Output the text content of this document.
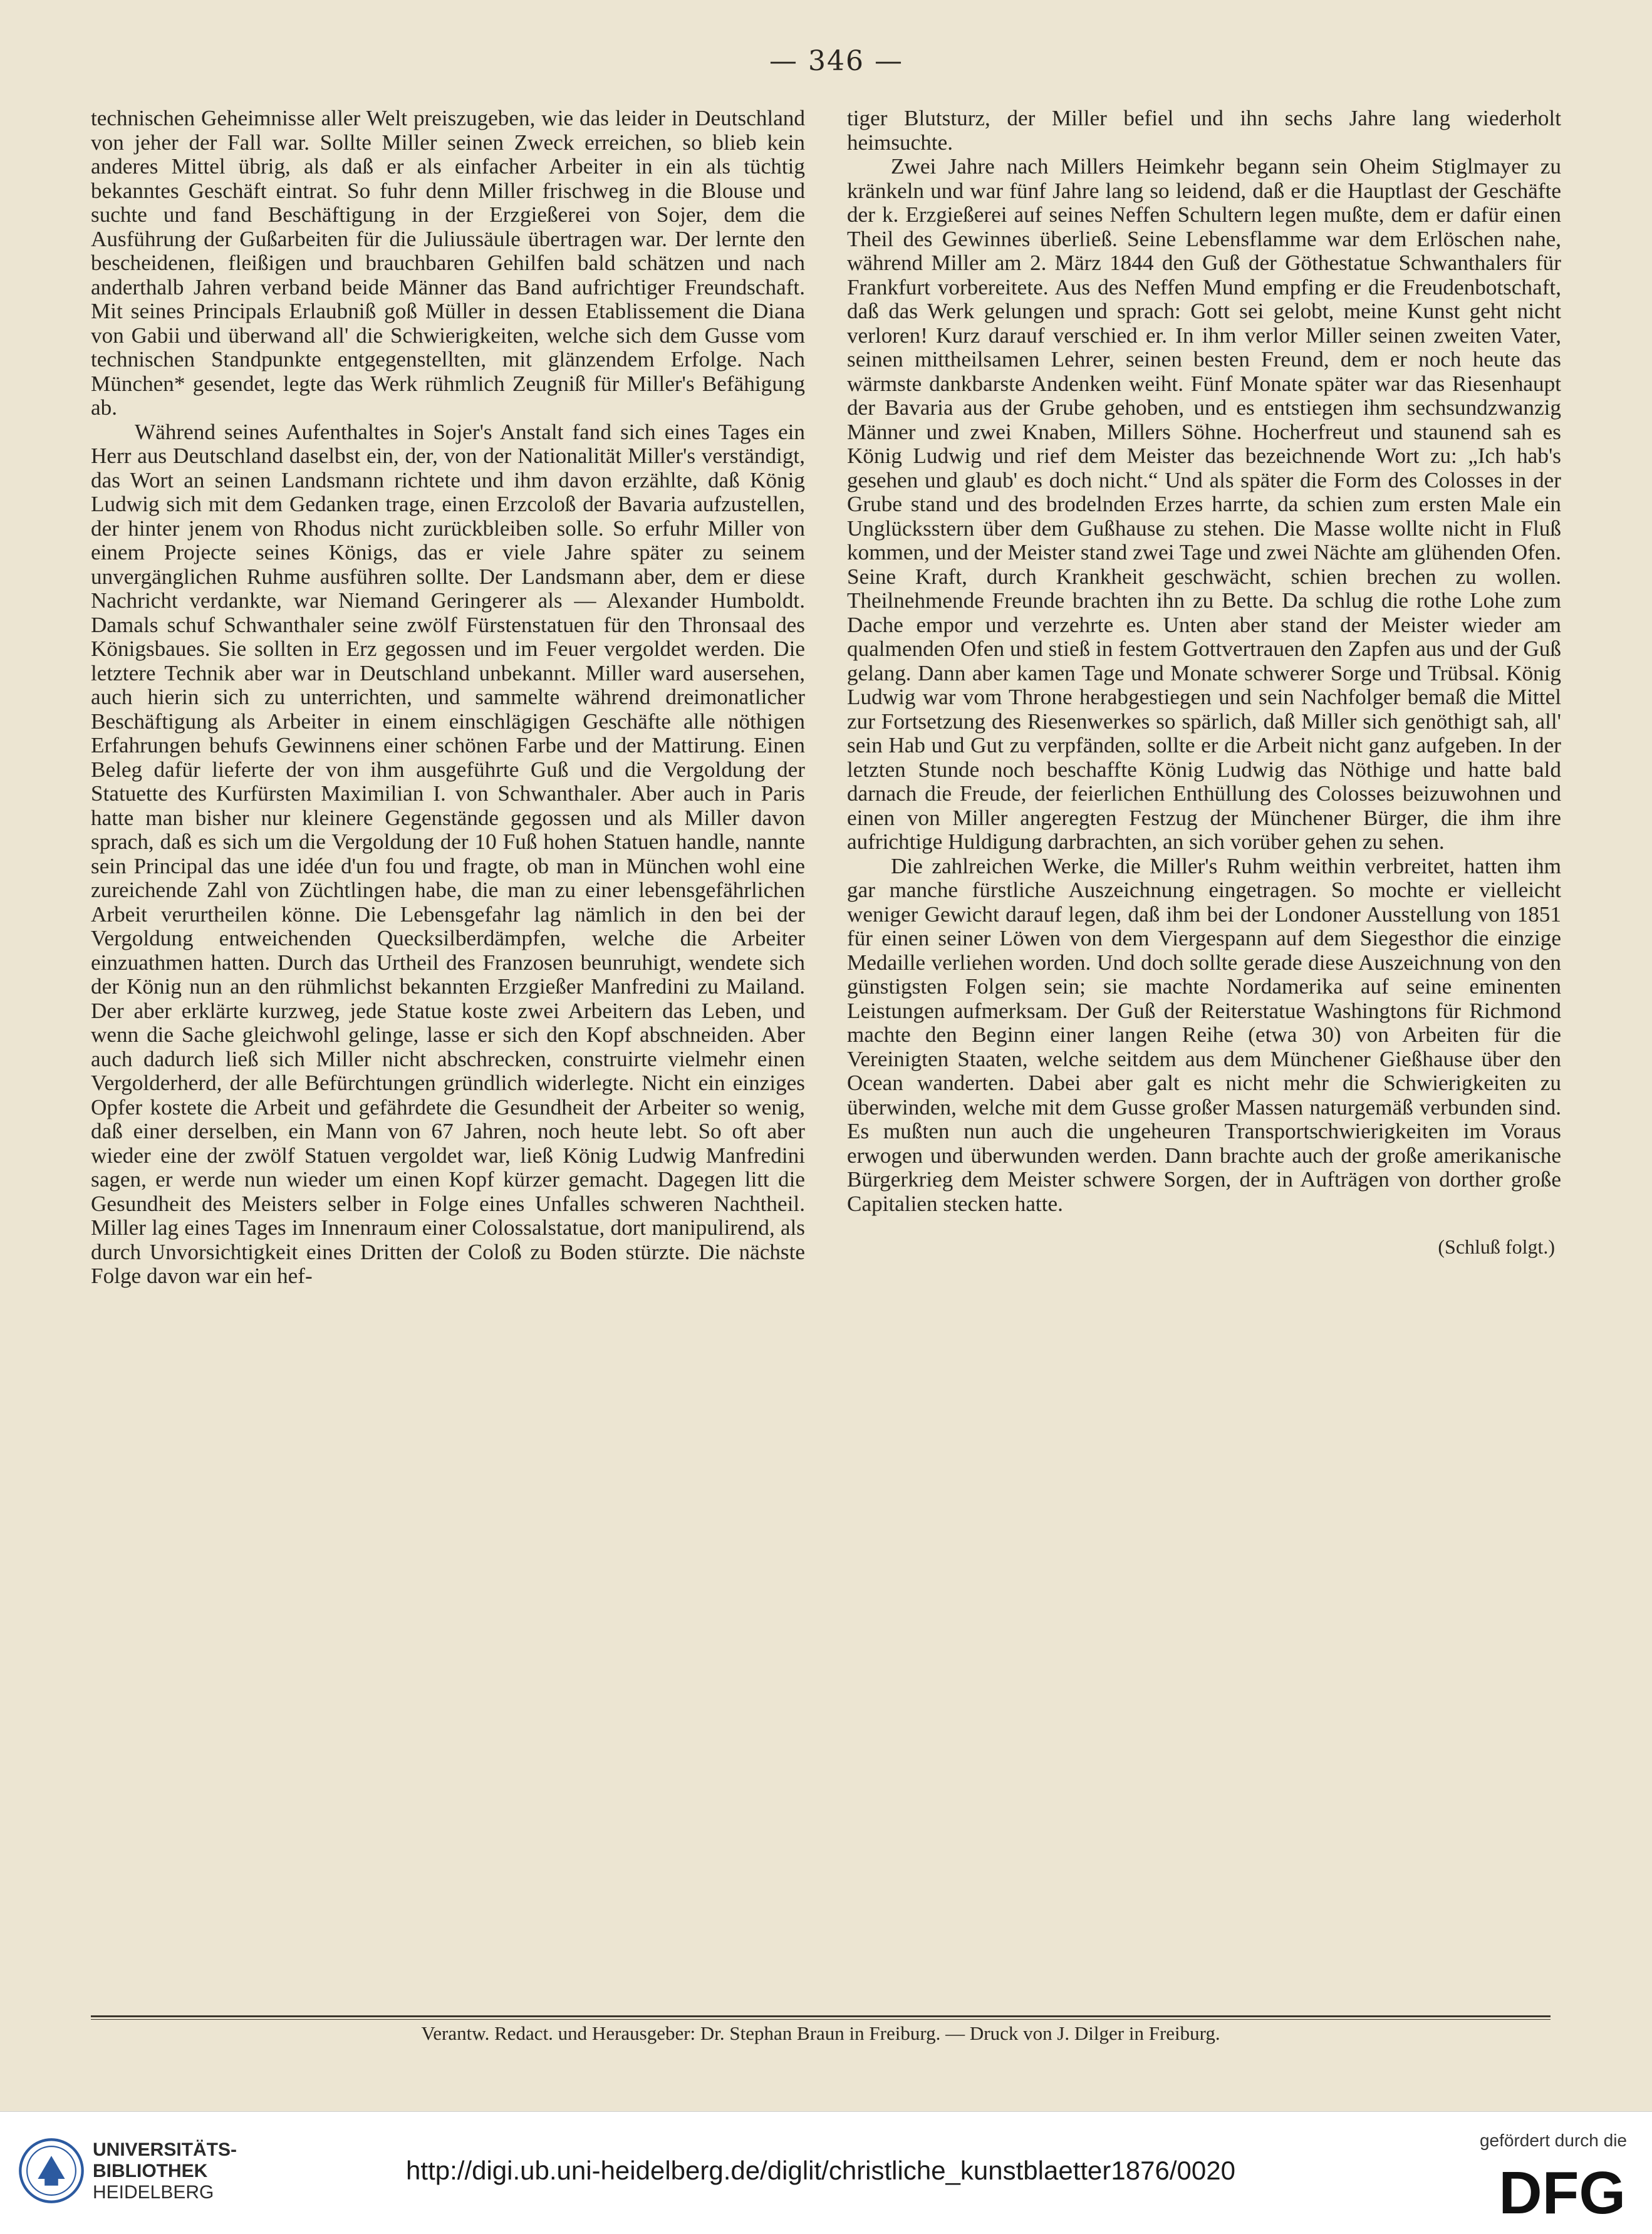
— 346 —

technischen Geheimnisse aller Welt preiszugeben, wie das leider in Deutschland von jeher der Fall war. Sollte Miller seinen Zweck erreichen, so blieb kein anderes Mittel übrig, als daß er als einfacher Arbeiter in ein als tüchtig bekanntes Geschäft eintrat. So fuhr denn Miller frischweg in die Blouse und suchte und fand Beschäftigung in der Erzgießerei von Sojer, dem die Ausführung der Gußarbeiten für die Juliussäule übertragen war. Der lernte den bescheidenen, fleißigen und brauchbaren Gehilfen bald schätzen und nach anderthalb Jahren verband beide Männer das Band aufrichtiger Freundschaft. Mit seines Principals Erlaubniß goß Müller in dessen Etablissement die Diana von Gabii und überwand all' die Schwierigkeiten, welche sich dem Gusse vom technischen Standpunkte entgegenstellten, mit glänzendem Erfolge. Nach München* gesendet, legte das Werk rühmlich Zeugniß für Miller's Befähigung ab.

Während seines Aufenthaltes in Sojer's Anstalt fand sich eines Tages ein Herr aus Deutschland daselbst ein, der, von der Nationalität Miller's verständigt, das Wort an seinen Landsmann richtete und ihm davon erzählte, daß König Ludwig sich mit dem Gedanken trage, einen Erzcoloß der Bavaria aufzustellen, der hinter jenem von Rhodus nicht zurückbleiben solle. So erfuhr Miller von einem Projecte seines Königs, das er viele Jahre später zu seinem unvergänglichen Ruhme ausführen sollte. Der Landsmann aber, dem er diese Nachricht verdankte, war Niemand Geringerer als — Alexander Humboldt. Damals schuf Schwanthaler seine zwölf Fürstenstatuen für den Thronsaal des Königsbaues. Sie sollten in Erz gegossen und im Feuer vergoldet werden. Die letztere Technik aber war in Deutschland unbekannt. Miller ward ausersehen, auch hierin sich zu unterrichten, und sammelte während dreimonatlicher Beschäftigung als Arbeiter in einem einschlägigen Geschäfte alle nöthigen Erfahrungen behufs Gewinnens einer schönen Farbe und der Mattirung. Einen Beleg dafür lieferte der von ihm ausgeführte Guß und die Vergoldung der Statuette des Kurfürsten Maximilian I. von Schwanthaler. Aber auch in Paris hatte man bisher nur kleinere Gegenstände gegossen und als Miller davon sprach, daß es sich um die Vergoldung der 10 Fuß hohen Statuen handle, nannte sein Principal das une idée d'un fou und fragte, ob man in München wohl eine zureichende Zahl von Züchtlingen habe, die man zu einer lebensgefährlichen Arbeit verurtheilen könne. Die Lebensgefahr lag nämlich in den bei der Vergoldung entweichenden Quecksilberdämpfen, welche die Arbeiter einzuathmen hatten. Durch das Urtheil des Franzosen beunruhigt, wendete sich der König nun an den rühmlichst bekannten Erzgießer Manfredini zu Mailand. Der aber erklärte kurzweg, jede Statue koste zwei Arbeitern das Leben, und wenn die Sache gleichwohl gelinge, lasse er sich den Kopf abschneiden. Aber auch dadurch ließ sich Miller nicht abschrecken, construirte vielmehr einen Vergolderherd, der alle Befürchtungen gründlich widerlegte. Nicht ein einziges Opfer kostete die Arbeit und gefährdete die Gesundheit der Arbeiter so wenig, daß einer derselben, ein Mann von 67 Jahren, noch heute lebt. So oft aber wieder eine der zwölf Statuen vergoldet war, ließ König Ludwig Manfredini sagen, er werde nun wieder um einen Kopf kürzer gemacht. Dagegen litt die Gesundheit des Meisters selber in Folge eines Unfalles schweren Nachtheil. Miller lag eines Tages im Innenraum einer Colossalstatue, dort manipulirend, als durch Unvorsichtigkeit eines Dritten der Coloß zu Boden stürzte. Die nächste Folge davon war ein hef-

tiger Blutsturz, der Miller befiel und ihn sechs Jahre lang wiederholt heimsuchte.

Zwei Jahre nach Millers Heimkehr begann sein Oheim Stiglmayer zu kränkeln und war fünf Jahre lang so leidend, daß er die Hauptlast der Geschäfte der k. Erzgießerei auf seines Neffen Schultern legen mußte, dem er dafür einen Theil des Gewinnes überließ. Seine Lebensflamme war dem Erlöschen nahe, während Miller am 2. März 1844 den Guß der Göthestatue Schwanthalers für Frankfurt vorbereitete. Aus des Neffen Mund empfing er die Freudenbotschaft, daß das Werk gelungen und sprach: Gott sei gelobt, meine Kunst geht nicht verloren! Kurz darauf verschied er. In ihm verlor Miller seinen zweiten Vater, seinen mittheilsamen Lehrer, seinen besten Freund, dem er noch heute das wärmste dankbarste Andenken weiht. Fünf Monate später war das Riesenhaupt der Bavaria aus der Grube gehoben, und es entstiegen ihm sechsundzwanzig Männer und zwei Knaben, Millers Söhne. Hocherfreut und staunend sah es König Ludwig und rief dem Meister das bezeichnende Wort zu: „Ich hab's gesehen und glaub' es doch nicht.“ Und als später die Form des Colosses in der Grube stand und des brodelnden Erzes harrte, da schien zum ersten Male ein Unglücksstern über dem Gußhause zu stehen. Die Masse wollte nicht in Fluß kommen, und der Meister stand zwei Tage und zwei Nächte am glühenden Ofen. Seine Kraft, durch Krankheit geschwächt, schien brechen zu wollen. Theilnehmende Freunde brachten ihn zu Bette. Da schlug die rothe Lohe zum Dache empor und verzehrte es. Unten aber stand der Meister wieder am qualmenden Ofen und stieß in festem Gottvertrauen den Zapfen aus und der Guß gelang. Dann aber kamen Tage und Monate schwerer Sorge und Trübsal. König Ludwig war vom Throne herabgestiegen und sein Nachfolger bemaß die Mittel zur Fortsetzung des Riesenwerkes so spärlich, daß Miller sich genöthigt sah, all' sein Hab und Gut zu verpfänden, sollte er die Arbeit nicht ganz aufgeben. In der letzten Stunde noch beschaffte König Ludwig das Nöthige und hatte bald darnach die Freude, der feierlichen Enthüllung des Colosses beizuwohnen und einen von Miller angeregten Festzug der Münchener Bürger, die ihm ihre aufrichtige Huldigung darbrachten, an sich vorüber gehen zu sehen.

Die zahlreichen Werke, die Miller's Ruhm weithin verbreitet, hatten ihm gar manche fürstliche Auszeichnung eingetragen. So mochte er vielleicht weniger Gewicht darauf legen, daß ihm bei der Londoner Ausstellung von 1851 für einen seiner Löwen von dem Viergespann auf dem Siegesthor die einzige Medaille verliehen worden. Und doch sollte gerade diese Auszeichnung von den günstigsten Folgen sein; sie machte Nordamerika auf seine eminenten Leistungen aufmerksam. Der Guß der Reiterstatue Washingtons für Richmond machte den Beginn einer langen Reihe (etwa 30) von Arbeiten für die Vereinigten Staaten, welche seitdem aus dem Münchener Gießhause über den Ocean wanderten. Dabei aber galt es nicht mehr die Schwierigkeiten zu überwinden, welche mit dem Gusse großer Massen naturgemäß verbunden sind. Es mußten nun auch die ungeheuren Transportschwierigkeiten im Voraus erwogen und überwunden werden. Dann brachte auch der große amerikanische Bürgerkrieg dem Meister schwere Sorgen, der in Aufträgen von dorther große Capitalien stecken hatte.

(Schluß folgt.)

Verantw. Redact. und Herausgeber: Dr. Stephan Braun in Freiburg. — Druck von J. Dilger in Freiburg.
UNIVERSITÄTS-
BIBLIOTHEK
HEIDELBERG
http://digi.ub.uni-heidelberg.de/diglit/christliche_kunstblaetter1876/0020
gefördert durch die
DFG
